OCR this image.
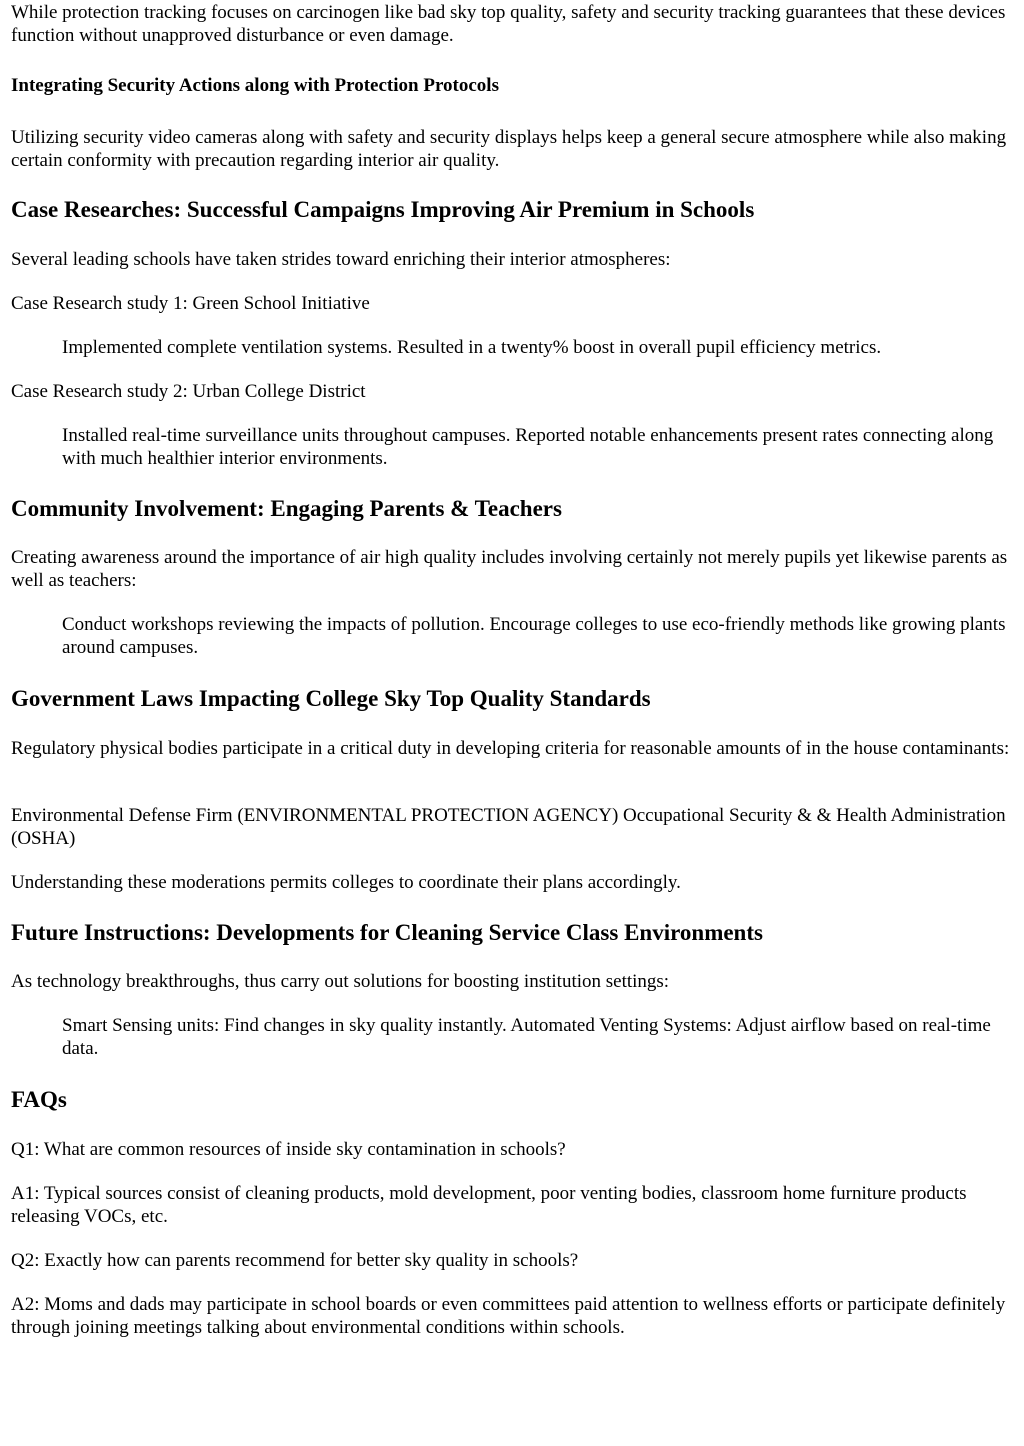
While protection tracking focuses on carcinogen like bad sky top quality, safety and security tracking guarantees that these devices function without unapproved disturbance or even damage.

Integrating Security Actions along with Protection Protocols

Utilizing security video cameras along with safety and security displays helps keep a general secure atmosphere while also making certain conformity with precaution regarding interior air quality.

Case Researches: Successful Campaigns Improving Air Premium in Schools

Several leading schools have taken strides toward enriching their interior atmospheres:

Case Research study 1: Green School Initiative

Implemented complete ventilation systems. Resulted in a twenty% boost in overall pupil efficiency metrics.

Case Research study 2: Urban College District

Installed real-time surveillance units throughout campuses. Reported notable enhancements present rates connecting along with much healthier interior environments.

Community Involvement: Engaging Parents & Teachers

Creating awareness around the importance of air high quality includes involving certainly not merely pupils yet likewise parents as well as teachers:

Conduct workshops reviewing the impacts of pollution. Encourage colleges to use eco-friendly methods like growing plants around campuses.

Government Laws Impacting College Sky Top Quality Standards

Regulatory physical bodies participate in a critical duty in developing criteria for reasonable amounts of in the house contaminants:

Environmental Defense Firm (ENVIRONMENTAL PROTECTION AGENCY) Occupational Security & & Health Administration (OSHA)

Understanding these moderations permits colleges to coordinate their plans accordingly.

Future Instructions: Developments for Cleaning Service Class Environments

As technology breakthroughs, thus carry out solutions for boosting institution settings:

Smart Sensing units: Find changes in sky quality instantly. Automated Venting Systems: Adjust airflow based on real-time data.

FAQs

Q1: What are common resources of inside sky contamination in schools?

A1: Typical sources consist of cleaning products, mold development, poor venting bodies, classroom home furniture products releasing VOCs, etc.

Q2: Exactly how can parents recommend for better sky quality in schools?

A2: Moms and dads may participate in school boards or even committees paid attention to wellness efforts or participate definitely through joining meetings talking about environmental conditions within schools.
